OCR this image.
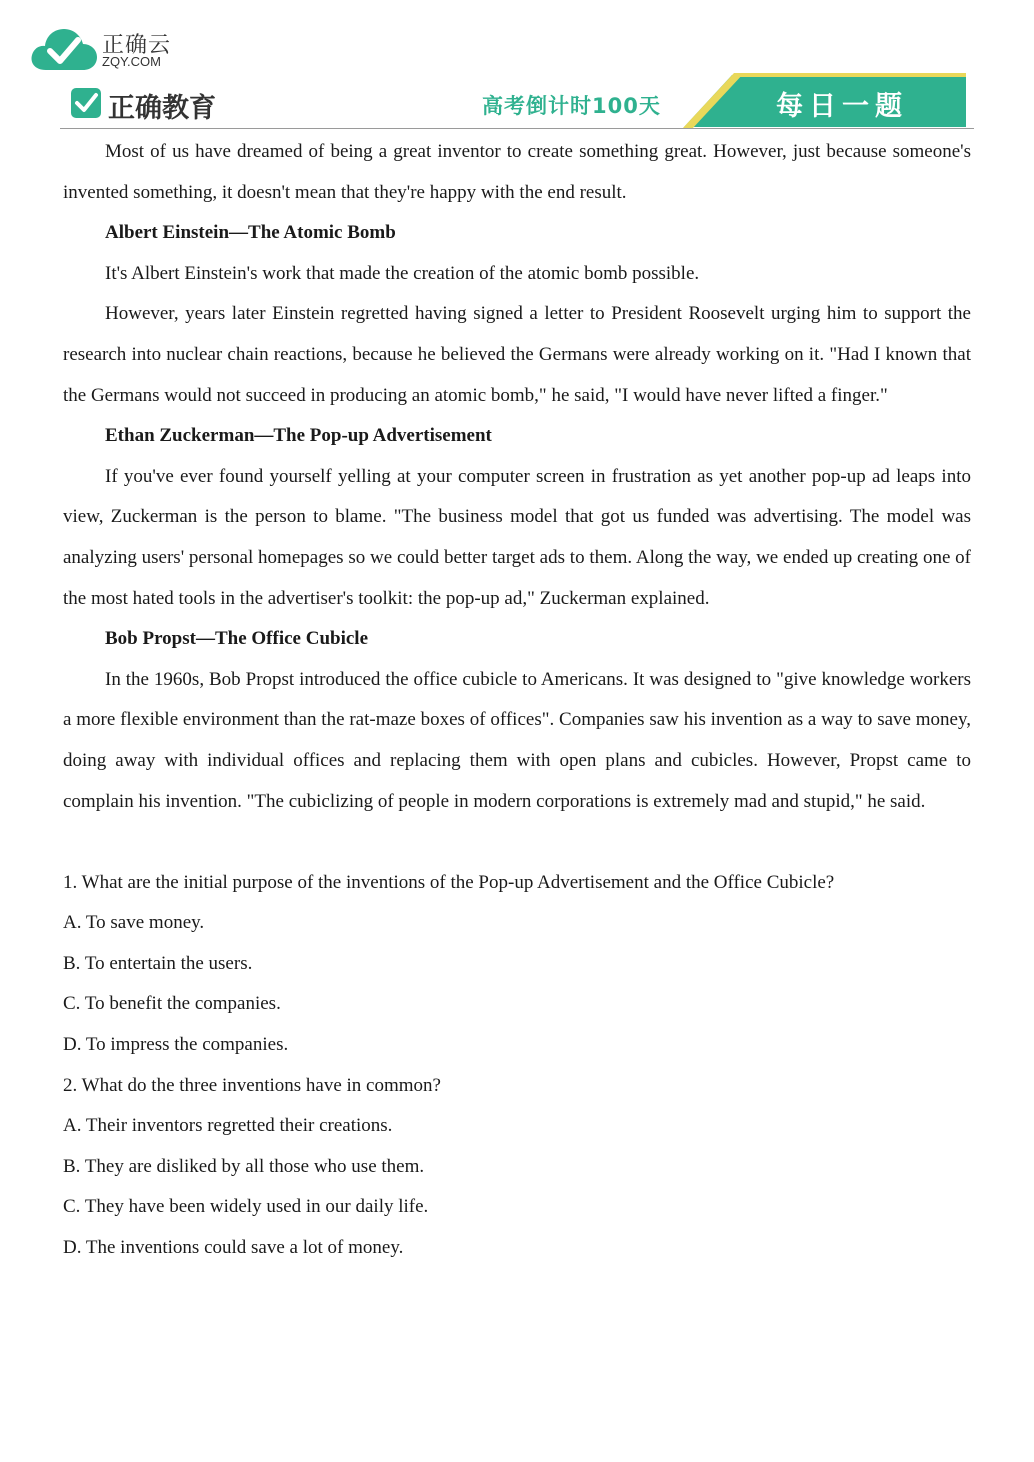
正确云
ZQY.COM
正确教育	高考倒计时100天	每日一题

Most of us have dreamed of being a great inventor to create something great. However, just because someone's invented something, it doesn't mean that they're happy with the end result.

Albert Einstein—The Atomic Bomb

It's Albert Einstein's work that made the creation of the atomic bomb possible.

However, years later Einstein regretted having signed a letter to President Roosevelt urging him to support the research into nuclear chain reactions, because he believed the Germans were already working on it. "Had I known that the Germans would not succeed in producing an atomic bomb," he said, "I would have never lifted a finger."

Ethan Zuckerman—The Pop-up Advertisement

If you've ever found yourself yelling at your computer screen in frustration as yet another pop-up ad leaps into view, Zuckerman is the person to blame. "The business model that got us funded was advertising. The model was analyzing users' personal homepages so we could better target ads to them. Along the way, we ended up creating one of the most hated tools in the advertiser's toolkit: the pop-up ad," Zuckerman explained.

Bob Propst—The Office Cubicle

In the 1960s, Bob Propst introduced the office cubicle to Americans. It was designed to "give knowledge workers a more flexible environment than the rat-maze boxes of offices". Companies saw his invention as a way to save money, doing away with individual offices and replacing them with open plans and cubicles. However, Propst came to complain his invention. "The cubiclizing of people in modern corporations is extremely mad and stupid," he said.

1. What are the initial purpose of the inventions of the Pop-up Advertisement and the Office Cubicle?

A. To save money.

B. To entertain the users.

C. To benefit the companies.

D. To impress the companies.

2. What do the three inventions have in common?

A. Their inventors regretted their creations.

B. They are disliked by all those who use them.

C. They have been widely used in our daily life.

D. The inventions could save a lot of money.
